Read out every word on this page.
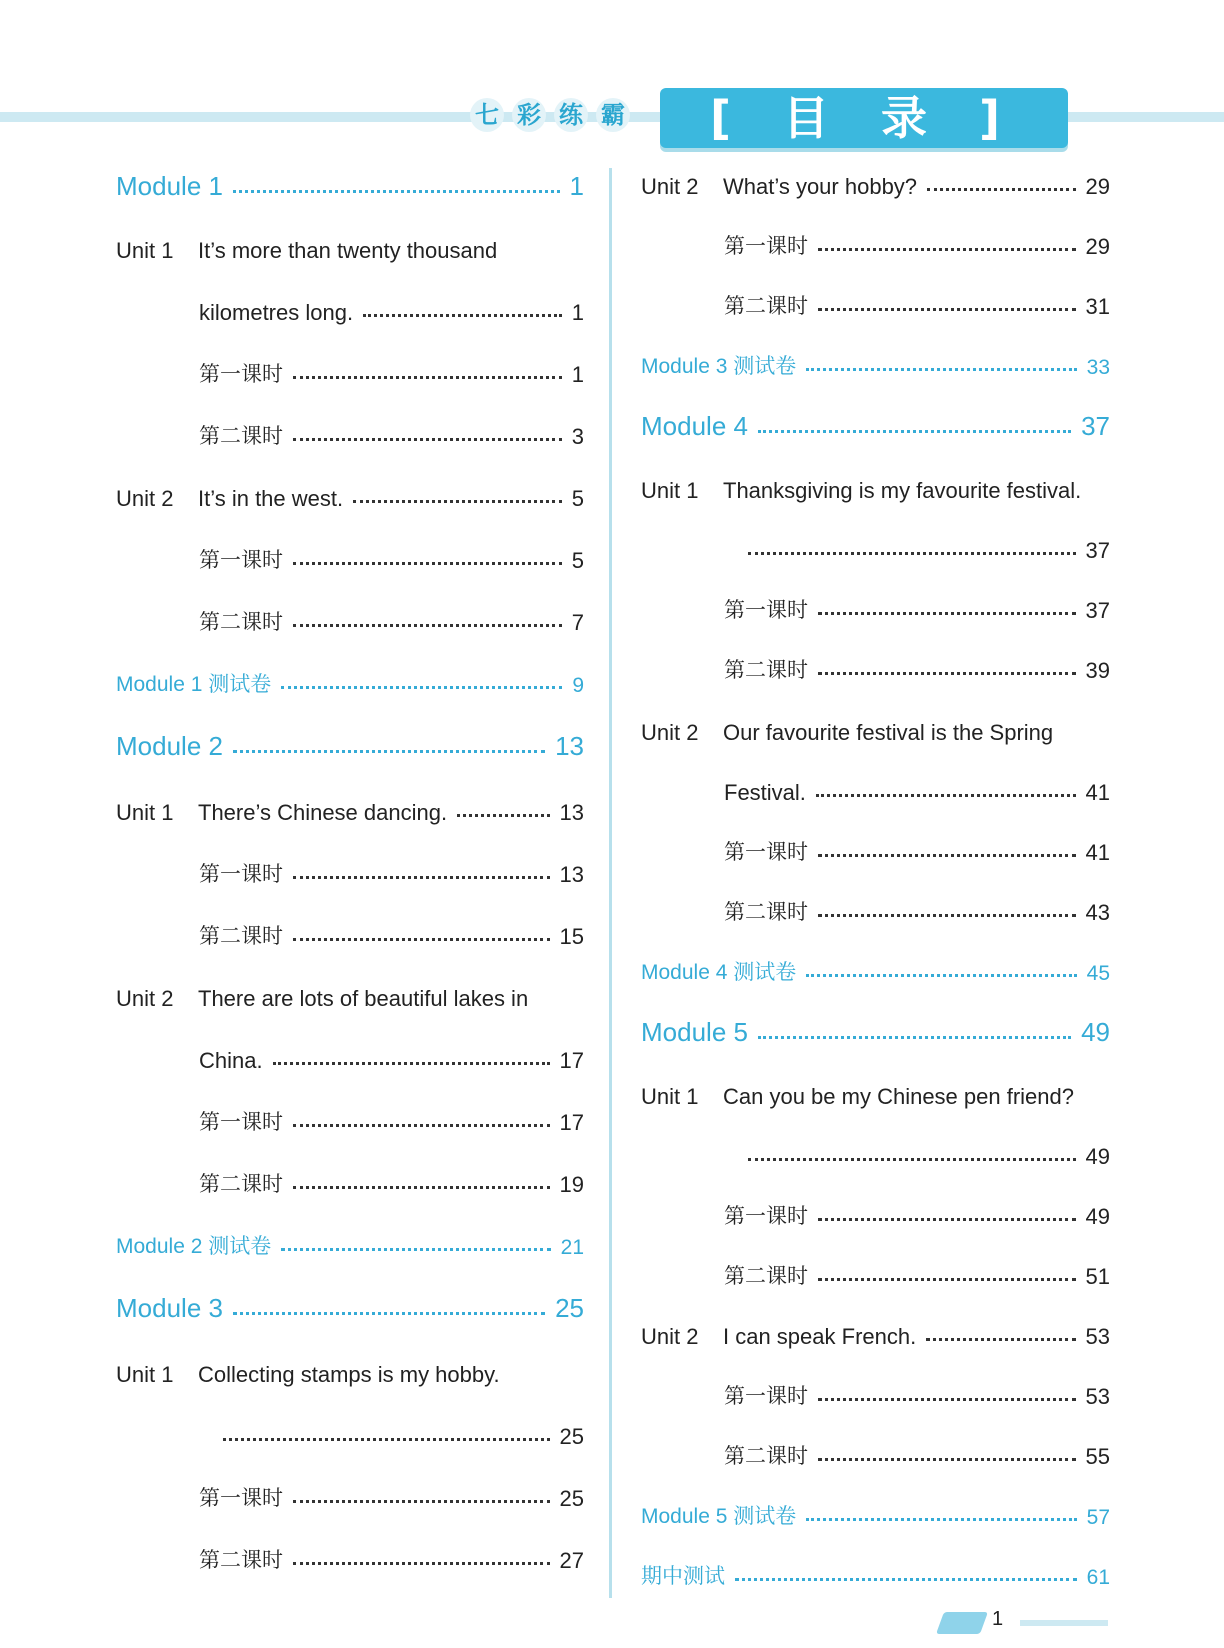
七 彩 练 霸	[ 目 录 ]
Module 1	1
Unit 1	It’s more than twenty thousand
kilometres long.	1
第一课时	1
第二课时	3
Unit 2	It’s in the west.	5
第一课时	5
第二课时	7
Module 1 测试卷	9
Module 2	13
Unit 1	There’s Chinese dancing.	13
第一课时	13
第二课时	15
Unit 2	There are lots of beautiful lakes in
China.	17
第一课时	17
第二课时	19
Module 2 测试卷	21
Module 3	25
Unit 1	Collecting stamps is my hobby.
25
第一课时	25
第二课时	27
Unit 2	What’s your hobby?	29
第一课时	29
第二课时	31
Module 3 测试卷	33
Module 4	37
Unit 1	Thanksgiving is my favourite festival.
37
第一课时	37
第二课时	39
Unit 2	Our favourite festival is the Spring
Festival.	41
第一课时	41
第二课时	43
Module 4 测试卷	45
Module 5	49
Unit 1	Can you be my Chinese pen friend?
49
第一课时	49
第二课时	51
Unit 2	I can speak French.	53
第一课时	53
第二课时	55
Module 5 测试卷	57
期中测试	61
1
